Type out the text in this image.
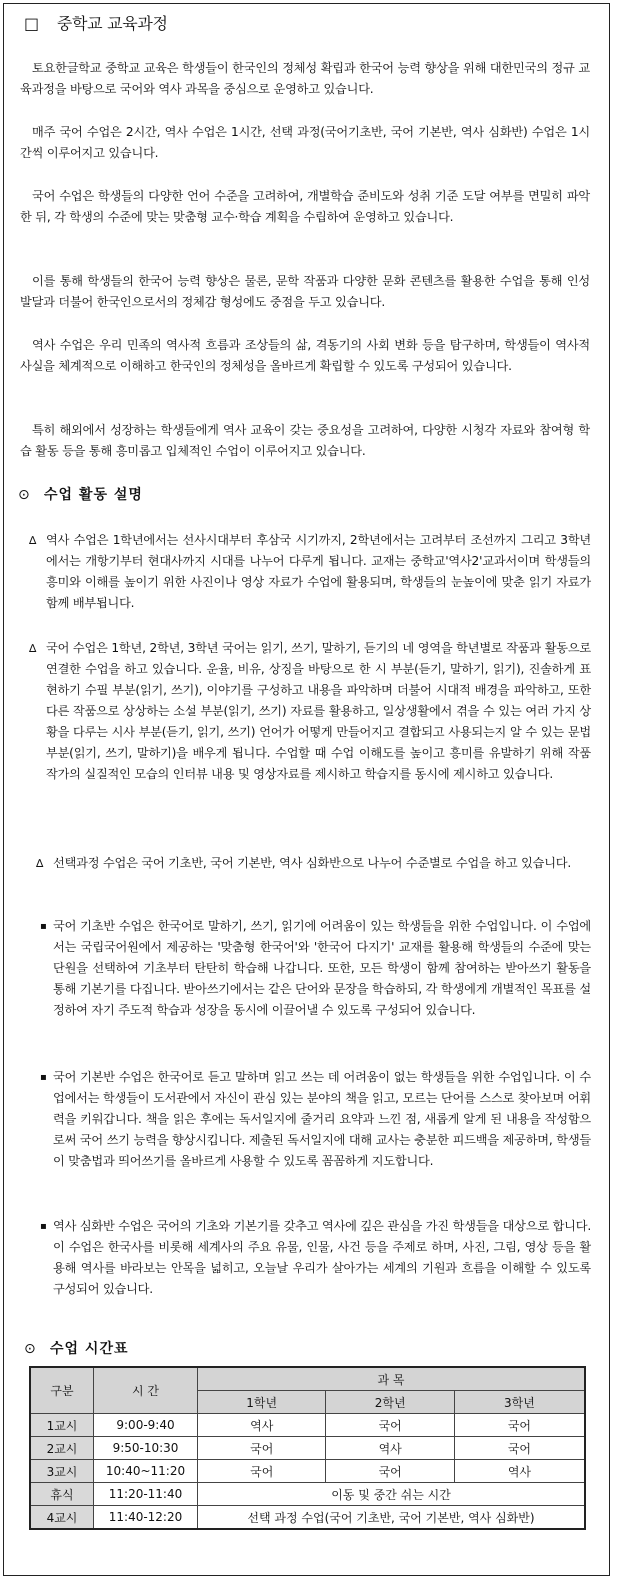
□ 중학교 교육과정
토요한글학교 중학교 교육은 학생들이 한국인의 정체성 확립과 한국어 능력 향상을 위해 대한민국의 정규 교육과정을 바탕으로 국어와 역사 과목을 중심으로 운영하고 있습니다.
매주 국어 수업은 2시간, 역사 수업은 1시간, 선택 과정(국어기초반, 국어 기본반, 역사 심화반) 수업은 1시간씩 이루어지고 있습니다.
국어 수업은 학생들의 다양한 언어 수준을 고려하여, 개별학습 준비도와 성취 기준 도달 여부를 면밀히 파악한 뒤, 각 학생의 수준에 맞는 맞춤형 교수·학습 계획을 수립하여 운영하고 있습니다.
이를 통해 학생들의 한국어 능력 향상은 물론, 문학 작품과 다양한 문화 콘텐츠를 활용한 수업을 통해 인성 발달과 더불어 한국인으로서의 정체감 형성에도 중점을 두고 있습니다.
역사 수업은 우리 민족의 역사적 흐름과 조상들의 삶, 격동기의 사회 변화 등을 탐구하며, 학생들이 역사적 사실을 체계적으로 이해하고 한국인의 정체성을 올바르게 확립할 수 있도록 구성되어 있습니다.
특히 해외에서 성장하는 학생들에게 역사 교육이 갖는 중요성을 고려하여, 다양한 시청각 자료와 참여형 학습 활동 등을 통해 흥미롭고 입체적인 수업이 이루어지고 있습니다.
⊙ 수업 활동 설명
∆ 역사 수업은 1학년에서는 선사시대부터 후삼국 시기까지, 2학년에서는 고려부터 조선까지 그리고 3학년에서는 개항기부터 현대사까지 시대를 나누어 다루게 됩니다. 교재는 중학교'역사2'교과서이며 학생들의 흥미와 이해를 높이기 위한 사진이나 영상 자료가 수업에 활용되며, 학생들의 눈높이에 맞춘 읽기 자료가 함께 배부됩니다.
∆ 국어 수업은 1학년, 2학년, 3학년 국어는 읽기, 쓰기, 말하기, 듣기의 네 영역을 학년별로 작품과 활동으로 연결한 수업을 하고 있습니다. 운율, 비유, 상징을 바탕으로 한 시 부분(듣기, 말하기, 읽기), 진솔하게 표현하기 수필 부분(읽기, 쓰기), 이야기를 구성하고 내용을 파악하며 더불어 시대적 배경을 파악하고, 또한 다른 작품으로 상상하는 소설 부분(읽기, 쓰기) 자료를 활용하고, 일상생활에서 겪을 수 있는 여러 가지 상황을 다루는 시사 부분(듣기, 읽기, 쓰기) 언어가 어떻게 만들어지고 결합되고 사용되는지 알 수 있는 문법 부분(읽기, 쓰기, 말하기)을 배우게 됩니다. 수업할 때 수업 이해도를 높이고 흥미를 유발하기 위해 작품 작가의 실질적인 모습의 인터뷰 내용 및 영상자료를 제시하고 학습지를 동시에 제시하고 있습니다.
∆ 선택과정 수업은 국어 기초반, 국어 기본반, 역사 심화반으로 나누어 수준별로 수업을 하고 있습니다.
▪ 국어 기초반 수업은 한국어로 말하기, 쓰기, 읽기에 어려움이 있는 학생들을 위한 수업입니다. 이 수업에서는 국립국어원에서 제공하는 '맞춤형 한국어'와 '한국어 다지기' 교재를 활용해 학생들의 수준에 맞는 단원을 선택하여 기초부터 탄탄히 학습해 나갑니다. 또한, 모든 학생이 함께 참여하는 받아쓰기 활동을 통해 기본기를 다집니다. 받아쓰기에서는 같은 단어와 문장을 학습하되, 각 학생에게 개별적인 목표를 설정하여 자기 주도적 학습과 성장을 동시에 이끌어낼 수 있도록 구성되어 있습니다.
▪ 국어 기본반 수업은 한국어로 듣고 말하며 읽고 쓰는 데 어려움이 없는 학생들을 위한 수업입니다. 이 수업에서는 학생들이 도서관에서 자신이 관심 있는 분야의 책을 읽고, 모르는 단어를 스스로 찾아보며 어휘력을 키워갑니다. 책을 읽은 후에는 독서일지에 줄거리 요약과 느낀 점, 새롭게 알게 된 내용을 작성함으로써 국어 쓰기 능력을 향상시킵니다. 제출된 독서일지에 대해 교사는 충분한 피드백을 제공하며, 학생들이 맞춤법과 띄어쓰기를 올바르게 사용할 수 있도록 꼼꼼하게 지도합니다.
▪ 역사 심화반 수업은 국어의 기초와 기본기를 갖추고 역사에 깊은 관심을 가진 학생들을 대상으로 합니다. 이 수업은 한국사를 비롯해 세계사의 주요 유물, 인물, 사건 등을 주제로 하며, 사진, 그림, 영상 등을 활용해 역사를 바라보는 안목을 넓히고, 오늘날 우리가 살아가는 세계의 기원과 흐름을 이해할 수 있도록 구성되어 있습니다.
⊙ 수업 시간표
구분	시 간	과 목		
		1학년	2학년	3학년
1교시	9:00-9:40	역사	국어	국어
2교시	9:50-10:30	국어	역사	국어
3교시	10:40~11:20	국어	국어	역사
휴식	11:20-11:40	이동 및 중간 쉬는 시간		
4교시	11:40-12:20	선택 과정 수업(국어 기초반, 국어 기본반, 역사 심화반)		
